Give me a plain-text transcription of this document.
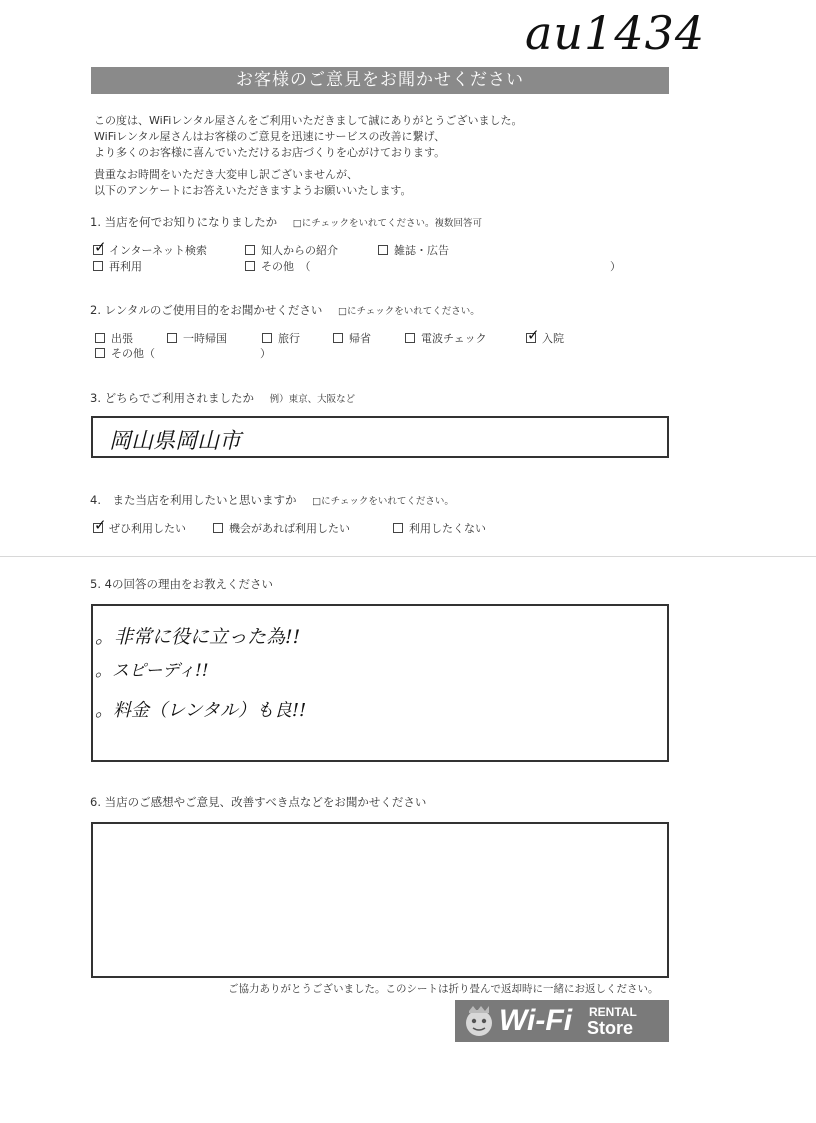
au1434
お客様のご意見をお聞かせください
この度は、WiFiレンタル屋さんをご利用いただきまして誠にありがとうございました。
WiFiレンタル屋さんはお客様のご意見を迅速にサービスの改善に繋げ、
より多くのお客様に喜んでいただけるお店づくりを心がけております。
貴重なお時間をいただき大変申し訳ございませんが、
以下のアンケートにお答えいただきますようお願いいたします。
1. 当店を何でお知りになりましたか □にチェックをいれてください。複数回答可
✓ インターネット検索	知人からの紹介	雑誌・広告
再利用	その他　（	）
2. レンタルのご使用目的をお聞かせください □にチェックをいれてください。
出張	一時帰国	旅行	帰省	電波チェック	✓ 入院
その他（	）
3. どちらでご利用されましたか 例）東京、大阪など
岡山県岡山市
4.　また当店を利用したいと思いますか □にチェックをいれてください。
✓ ぜひ利用したい	機会があれば利用したい	利用したくない
5. 4の回答の理由をお教えください
。非常に役に立った為!!
。スピーディ!!
。料金（レンタル）も良!!
6. 当店のご感想やご意見、改善すべき点などをお聞かせください
ご協力ありがとうございました。このシートは折り畳んで返却時に一緒にお返しください。
Wi-Fi RENTAL
Store
